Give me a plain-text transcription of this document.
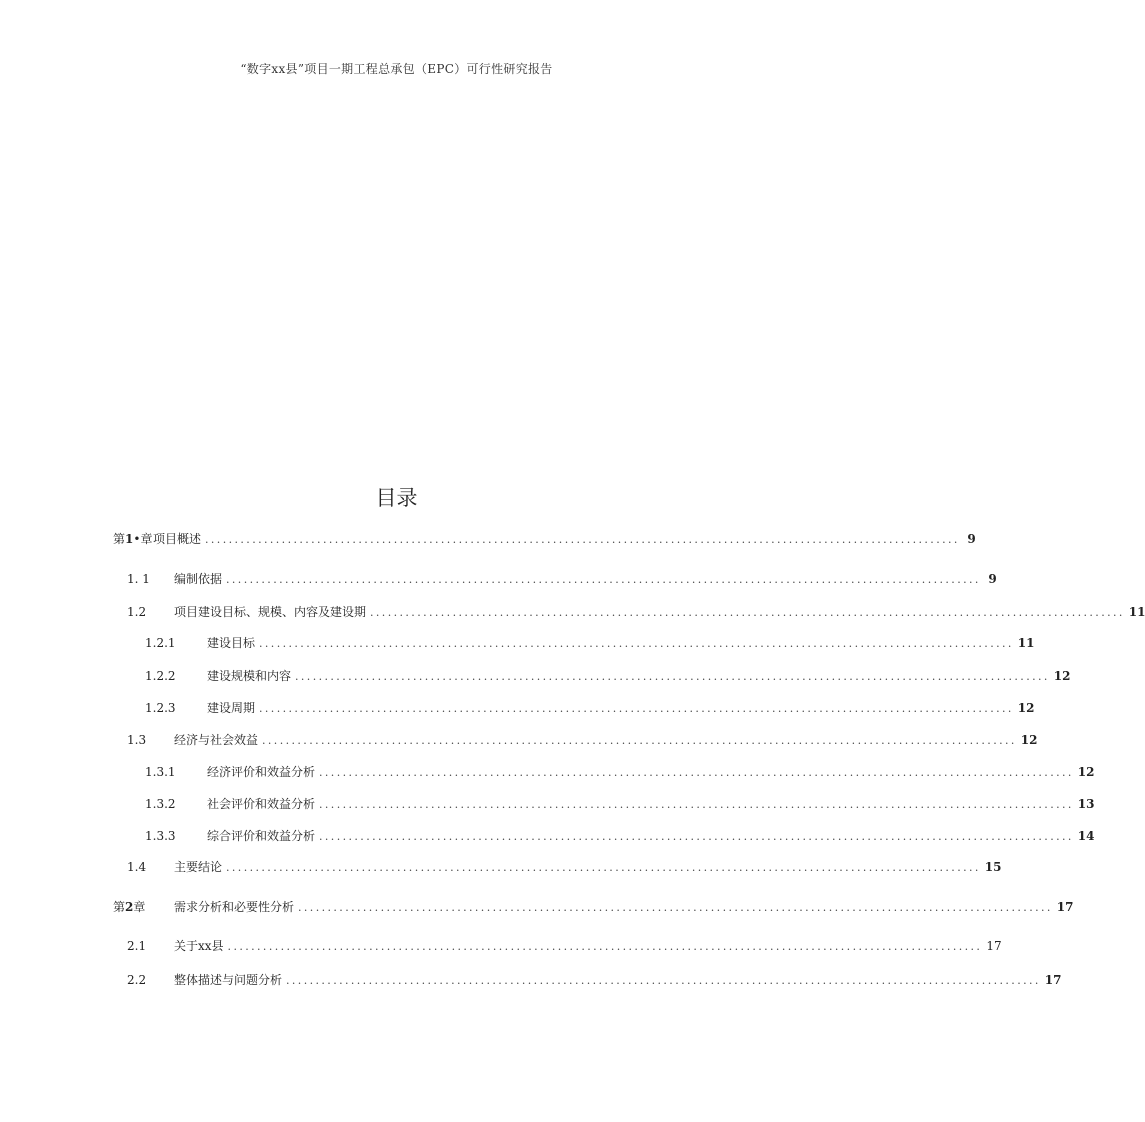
“数字xx县”项目一期工程总承包（EPC）可行性研究报告
目录
第1•章 项目概述 ................................................................................................................................ 9
1. 1	编制依据 ................................................................................................................................ 9
1.2	项目建设目标、规模、内容及建设期 ................................................................................................................................ 11
1.2.1	建设目标 ................................................................................................................................ 11
1.2.2	建设规模和内容 ................................................................................................................................ 12
1.2.3	建设周期 ................................................................................................................................ 12
1.3	经济与社会效益 ................................................................................................................................ 12
1.3.1	经济评价和效益分析 ................................................................................................................................ 12
1.3.2	社会评价和效益分析 ................................................................................................................................ 13
1.3.3	综合评价和效益分析 ................................................................................................................................ 14
1.4	主要结论 ................................................................................................................................ 15
第2章	需求分析和必要性分析 ................................................................................................................................ 17
2.1	关于xx县 ................................................................................................................................ 17
2.2	整体描述与问题分析 ................................................................................................................................ 17
